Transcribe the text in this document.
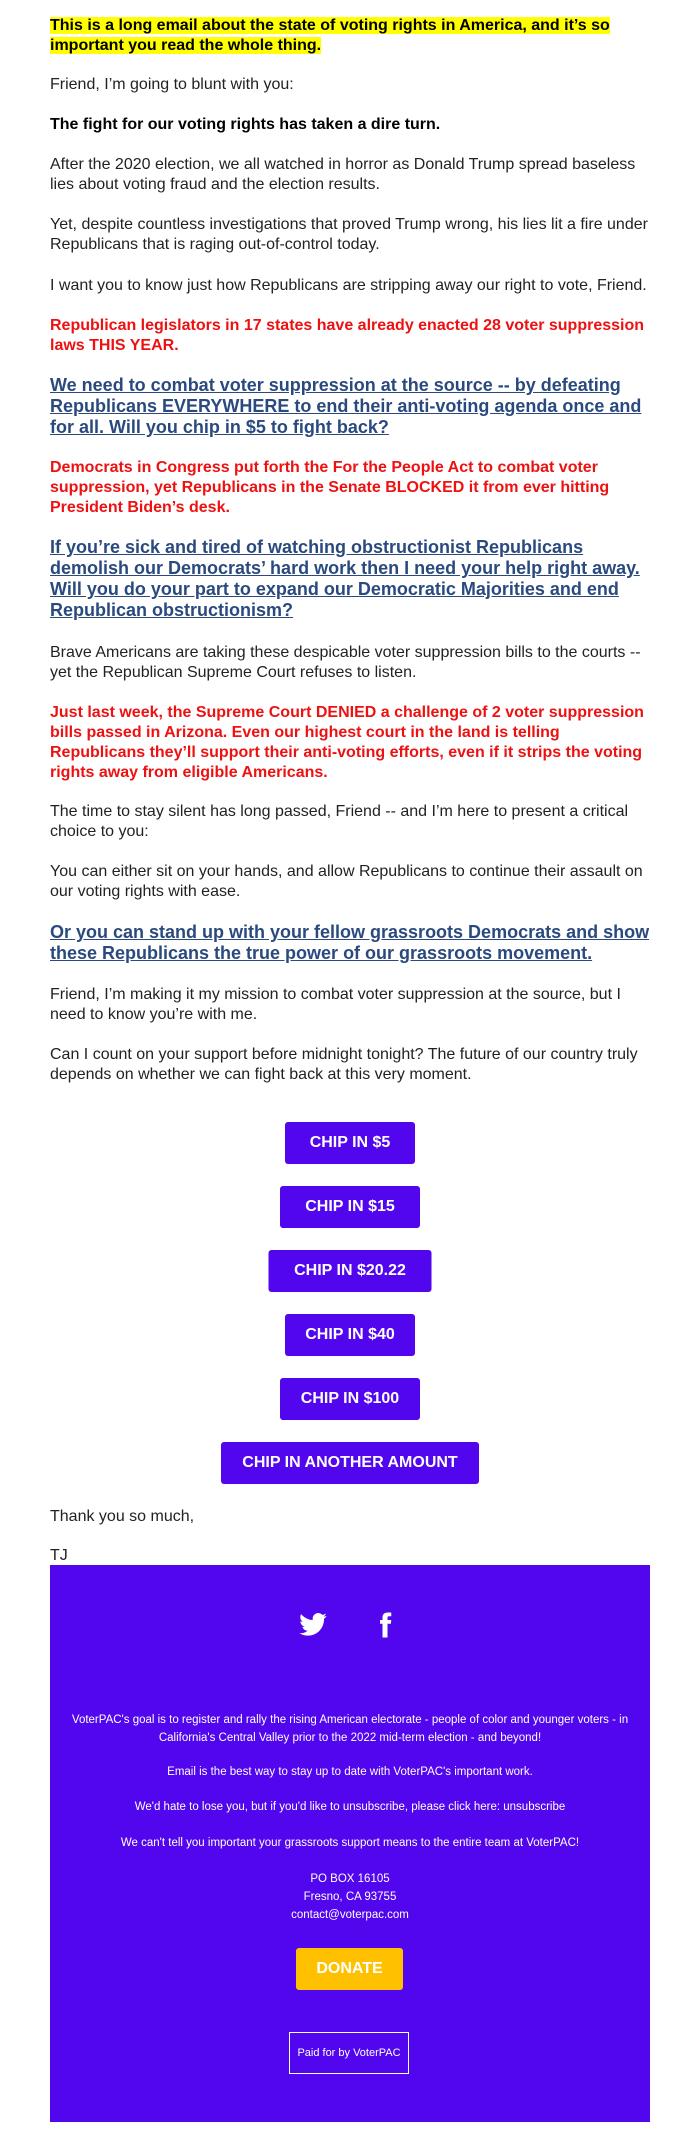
This is a long email about the state of voting rights in America, and it’s so important you read the whole thing.

Friend, I’m going to blunt with you:

The fight for our voting rights has taken a dire turn.

After the 2020 election, we all watched in horror as Donald Trump spread baseless lies about voting fraud and the election results.

Yet, despite countless investigations that proved Trump wrong, his lies lit a fire under Republicans that is raging out-of-control today.

I want you to know just how Republicans are stripping away our right to vote, Friend.

Republican legislators in 17 states have already enacted 28 voter suppression laws THIS YEAR.

We need to combat voter suppression at the source -- by defeating Republicans EVERYWHERE to end their anti-voting agenda once and for all. Will you chip in $5 to fight back?

Democrats in Congress put forth the For the People Act to combat voter suppression, yet Republicans in the Senate BLOCKED it from ever hitting President Biden’s desk.

If you’re sick and tired of watching obstructionist Republicans demolish our Democrats’ hard work then I need your help right away. Will you do your part to expand our Democratic Majorities and end Republican obstructionism?

Brave Americans are taking these despicable voter suppression bills to the courts -- yet the Republican Supreme Court refuses to listen.

Just last week, the Supreme Court DENIED a challenge of 2 voter suppression bills passed in Arizona. Even our highest court in the land is telling Republicans they’ll support their anti-voting efforts, even if it strips the voting rights away from eligible Americans.

The time to stay silent has long passed, Friend -- and I’m here to present a critical choice to you:

You can either sit on your hands, and allow Republicans to continue their assault on our voting rights with ease.

Or you can stand up with your fellow grassroots Democrats and show these Republicans the true power of our grassroots movement.

Friend, I’m making it my mission to combat voter suppression at the source, but I need to know you’re with me.

Can I count on your support before midnight tonight? The future of our country truly depends on whether we can fight back at this very moment.

CHIP IN $5
CHIP IN $15
CHIP IN $20.22
CHIP IN $40
CHIP IN $100
CHIP IN ANOTHER AMOUNT

Thank you so much,

TJ

VoterPAC's goal is to register and rally the rising American electorate - people of color and younger voters - in California's Central Valley prior to the 2022 mid-term election - and beyond!
Email is the best way to stay up to date with VoterPAC's important work.
We'd hate to lose you, but if you'd like to unsubscribe, please click here: unsubscribe
We can't tell you important your grassroots support means to the entire team at VoterPAC!
PO BOX 16105
Fresno, CA 93755
contact@voterpac.com
DONATE
Paid for by VoterPAC
